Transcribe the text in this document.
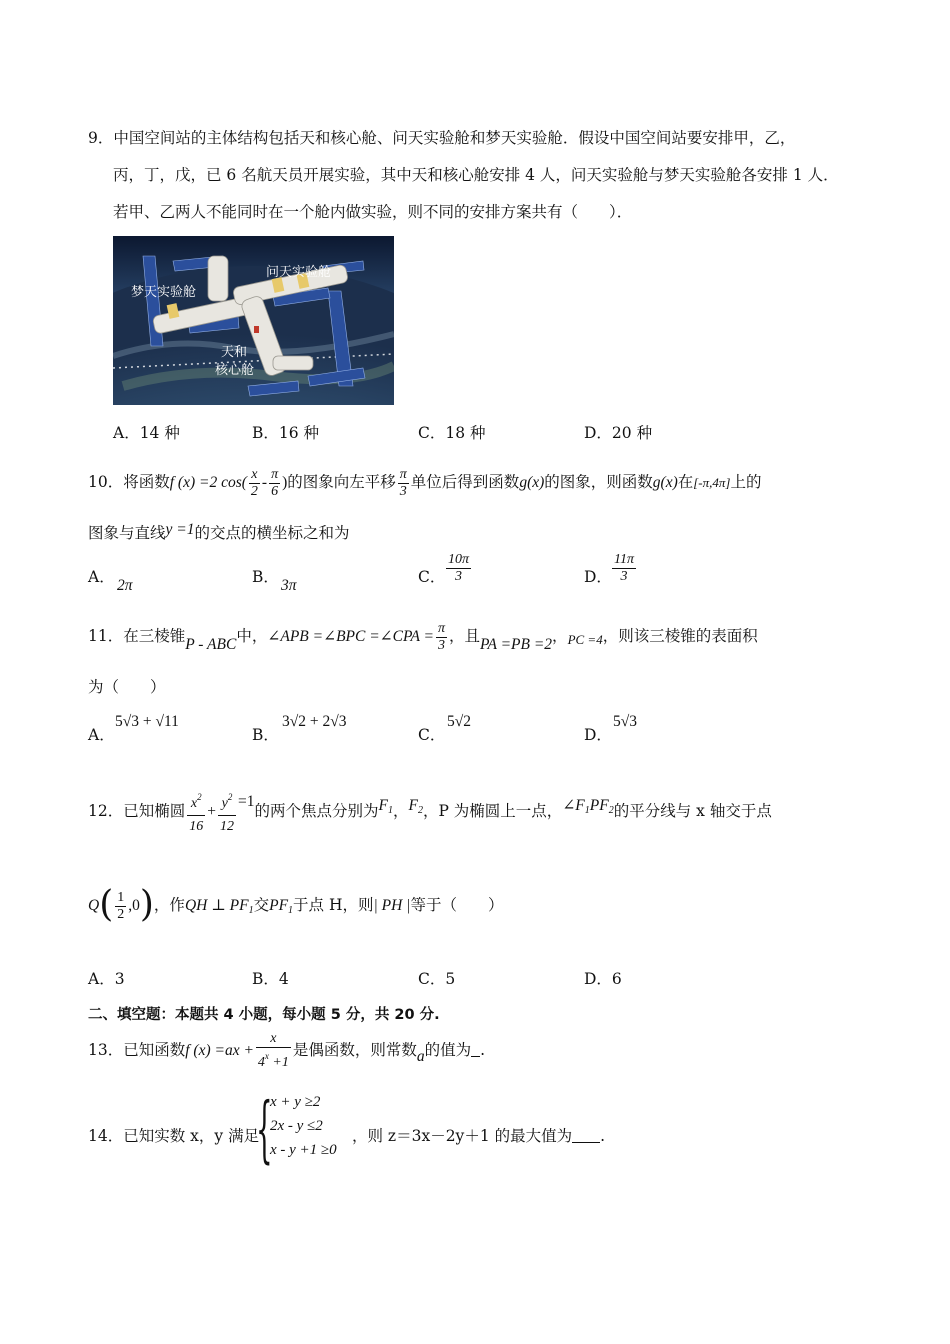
9．中国空间站的主体结构包括天和核心舱、问天实验舱和梦天实验舱．假设中国空间站要安排甲，乙，
丙，丁，戊，已 6 名航天员开展实验，其中天和核心舱安排 4 人，问天实验舱与梦天实验舱各安排 1 人．
若甲、乙两人不能同时在一个舱内做实验，则不同的安排方案共有（　　）．
问天实验舱
梦天实验舱
天和
核心舱
A．14 种	B．16 种	C．18 种	D．20 种
10．将函数f (x) =2 $\cos( \frac{x}{2} - \frac{\pi}{6}$ )的图象向左平移 $\frac{\pi}{3}$ 单位后得到函数g(x)的图象，则函数g(x)在[-π,4π]上的
图象与直线y =1的交点的横坐标之和为
A． 2π	B． 3π	C． $\frac{10\pi}{3}$	D． $\frac{11\pi}{3}$
11．在三棱锥P - ABC中，∠APB =∠BPC =∠CPA = $\frac{\pi}{3}$ ，且PA =PB =2，PC =4，则该三棱锥的表面积
为（　　）
A．
5√3 + √11
B．
3√2 + 2√3
C．
5√2
D．
5√3
12．已知椭圆 $\frac{x^2}{16} + \frac{y^2}{12} =1$的两个焦点分别为$F_1$，$F_2$，P 为椭圆上一点，$\angle F_1PF_2$的平分线与 x 轴交于点
$Q( \frac{1}{2} ,0)$，作QH ⊥ $PF_1$交$PF_1$于点 H，则| PH |等于（　　）
A．3	B．4	C．5	D．6
二、填空题：本题共 4 小题，每小题 5 分，共 20 分.
13．已知函数f $(x) =ax + \frac{x}{4^x +1}$ 是偶函数，则常数a的值为 .
14．已知实数 x，y 满足
{
x + y ≥2
2x - y ≤2
x - y +1 ≥0
，则 z＝3x－2y＋1 的最大值为 .
